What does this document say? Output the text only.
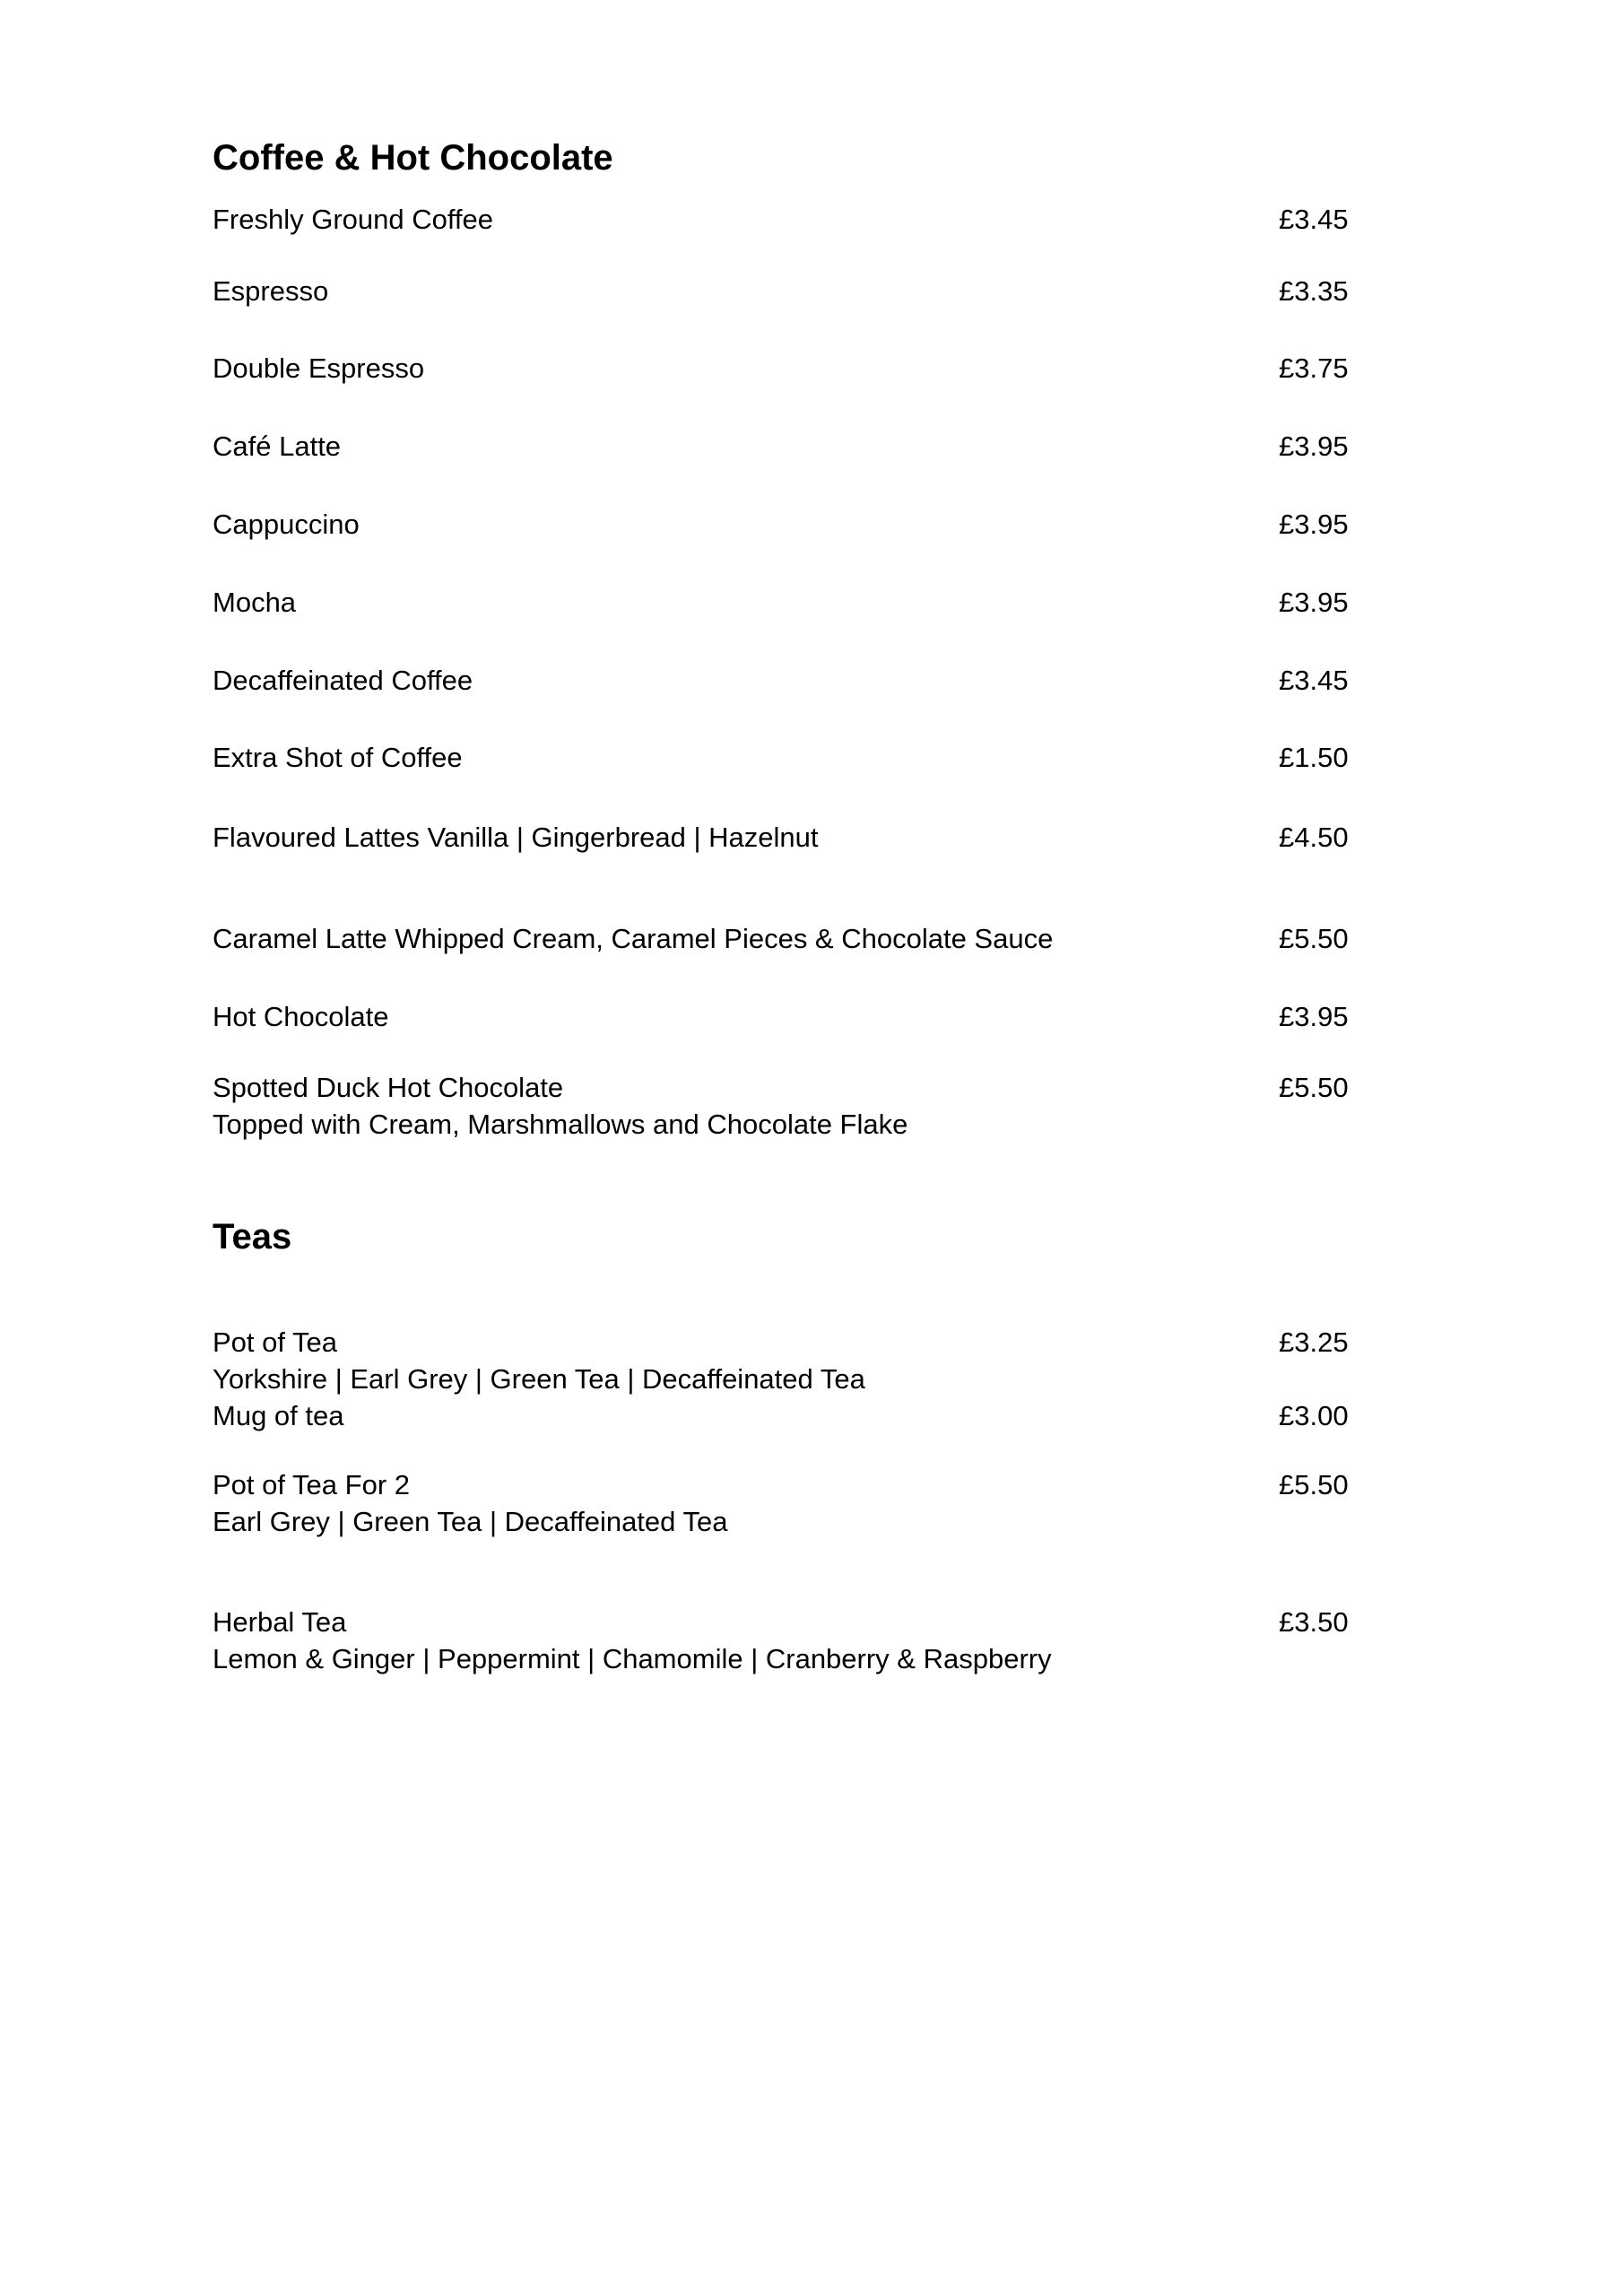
Coffee & Hot Chocolate
Freshly Ground Coffee	£3.45
Espresso	£3.35
Double Espresso	£3.75
Café Latte	£3.95
Cappuccino	£3.95
Mocha	£3.95
Decaffeinated Coffee	£3.45
Extra Shot of Coffee	£1.50
Flavoured Lattes Vanilla | Gingerbread | Hazelnut	£4.50
Caramel Latte Whipped Cream, Caramel Pieces & Chocolate Sauce	£5.50
Hot Chocolate	£3.95
Spotted Duck Hot Chocolate	£5.50
Topped with Cream, Marshmallows and Chocolate Flake
Teas
Pot of Tea	£3.25
Yorkshire | Earl Grey | Green Tea | Decaffeinated Tea
Mug of tea	£3.00
Pot of Tea For 2	£5.50
Earl Grey | Green Tea | Decaffeinated Tea
Herbal Tea	£3.50
Lemon & Ginger | Peppermint | Chamomile | Cranberry & Raspberry
